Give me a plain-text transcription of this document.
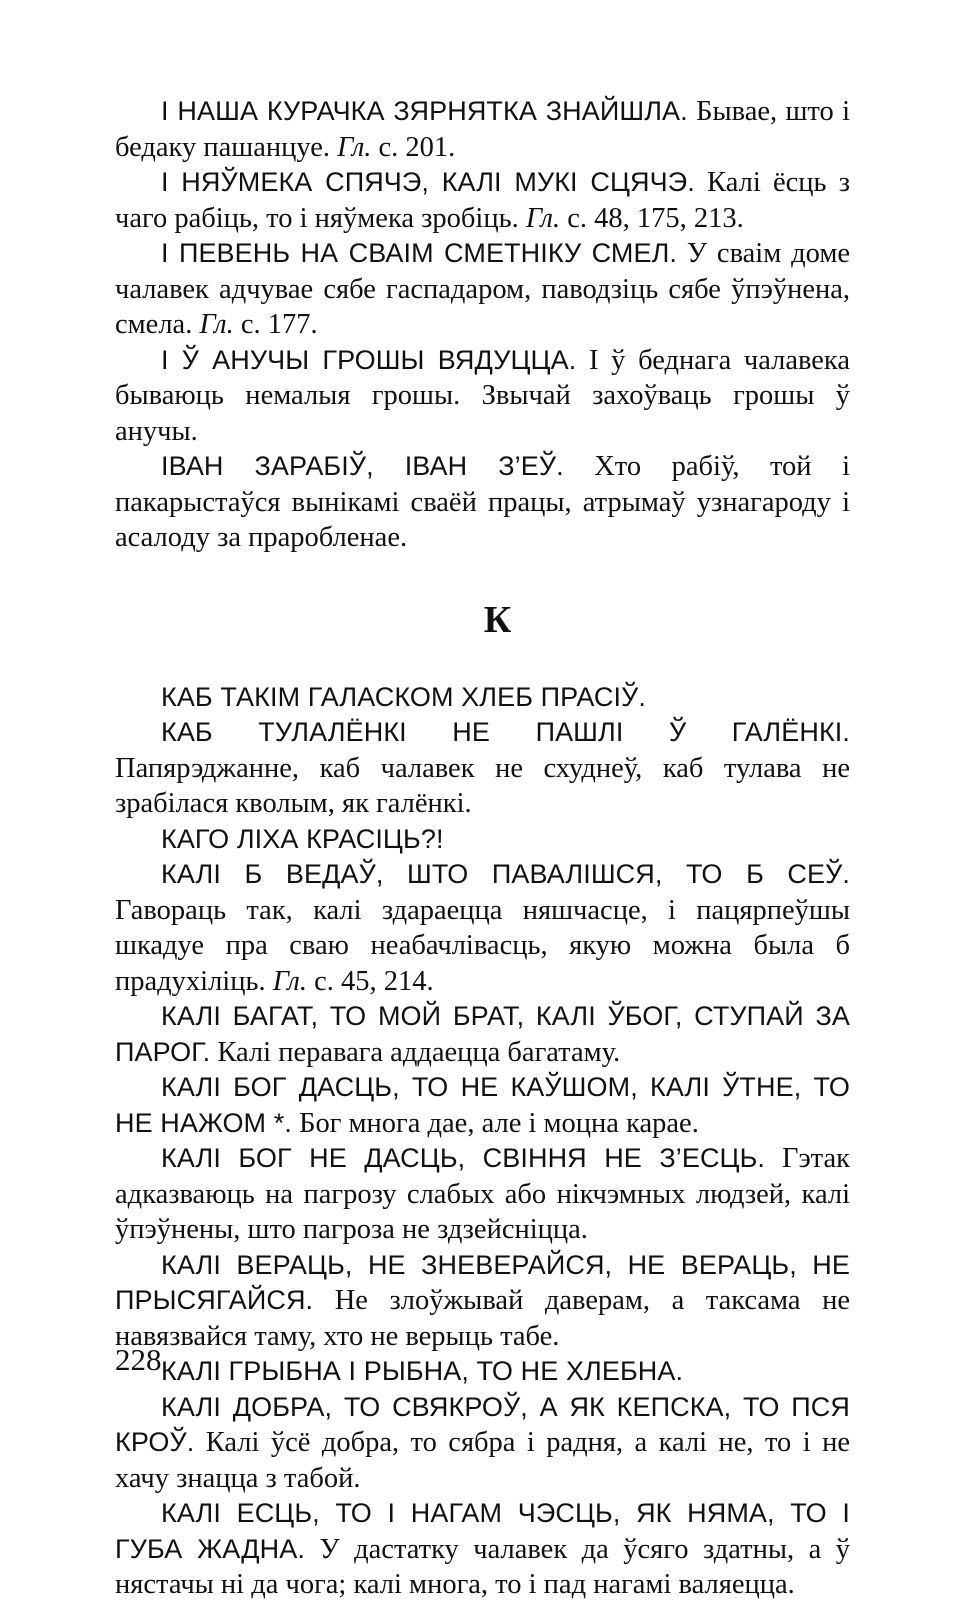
І НАША КУРАЧКА ЗЯРНЯТКА ЗНАЙШЛА. Бывае, што і бедаку пашанцуе. Гл. с. 201.

І НЯЎМЕКА СПЯЧЭ, КАЛІ МУКІ СЦЯЧЭ. Калі ёсць з чаго рабіць, то і няўмека зробіць. Гл. с. 48, 175, 213.

І ПЕВЕНЬ НА СВАІМ СМЕТНІКУ СМЕЛ. У сваім доме чалавек адчувае сябе гаспадаром, паводзіць сябе ўпэўнена, смела. Гл. с. 177.

І Ў АНУЧЫ ГРОШЫ ВЯДУЦЦА. І ў беднага чалавека бываюць немалыя грошы. Звычай захоўваць грошы ў анучы.

ІВАН ЗАРАБІЎ, ІВАН З’ЕЎ. Хто рабіў, той і пакарыстаўся вынікамі сваёй працы, атрымаў узнагароду і асалоду за праробленае.

К

КАБ ТАКІМ ГАЛАСКОМ ХЛЕБ ПРАСІЎ.

КАБ ТУЛАЛЁНКІ НЕ ПАШЛІ Ў ГАЛЁНКІ. Папярэджанне, каб чалавек не схуднеў, каб тулава не зрабілася кволым, як галёнкі.

КАГО ЛІХА КРАСІЦЬ?!

КАЛІ Б ВЕДАЎ, ШТО ПАВАЛІШСЯ, ТО Б СЕЎ. Гавораць так, калі здараецца няшчасце, і пацярпеўшы шкадуе пра сваю неабачлівасць, якую можна была б прадухіліць. Гл. с. 45, 214.

КАЛІ БАГАТ, ТО МОЙ БРАТ, КАЛІ ЎБОГ, СТУПАЙ ЗА ПАРОГ. Калі перавага аддаецца багатаму.

КАЛІ БОГ ДАСЦЬ, ТО НЕ КАЎШОМ, КАЛІ ЎТНЕ, ТО НЕ НАЖОМ *. Бог многа дае, але і моцна карае.

КАЛІ БОГ НЕ ДАСЦЬ, СВІННЯ НЕ З’ЕСЦЬ. Гэтак адказваюць на пагрозу слабых або нікчэмных людзей, калі ўпэўнены, што пагроза не здзейсніцца.

КАЛІ ВЕРАЦЬ, НЕ ЗНЕВЕРАЙСЯ, НЕ ВЕРАЦЬ, НЕ ПРЫСЯГАЙСЯ. Не злоўжывай даверам, а таксама не навязвайся таму, хто не верыць табе.

КАЛІ ГРЫБНА І РЫБНА, ТО НЕ ХЛЕБНА.

КАЛІ ДОБРА, ТО СВЯКРОЎ, А ЯК КЕПСКА, ТО ПСЯ КРОЎ. Калі ўсё добра, то сябра і радня, а калі не, то і не хачу знацца з табой.

КАЛІ ЕСЦЬ, ТО І НАГАМ ЧЭСЦЬ, ЯК НЯМА, ТО І ГУБА ЖАДНА. У дастатку чалавек да ўсяго здатны, а ў нястачы ні да чога; калі многа, то і пад нагамі валяецца.

228
